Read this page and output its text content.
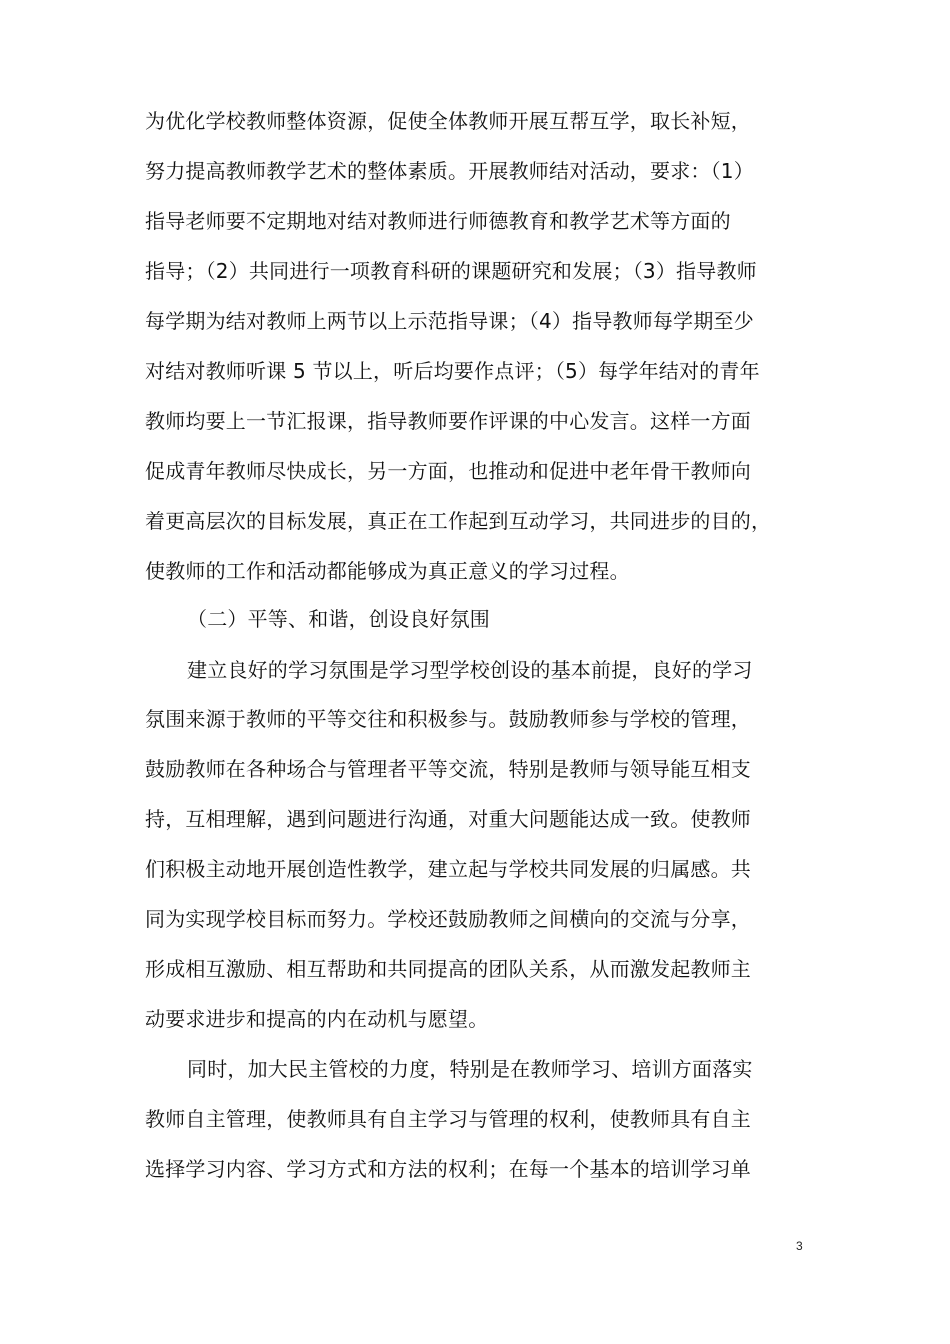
为优化学校教师整体资源，促使全体教师开展互帮互学，取长补短，
努力提高教师教学艺术的整体素质。开展教师结对活动，要求：（1）
指导老师要不定期地对结对教师进行师德教育和教学艺术等方面的
指导；（2）共同进行一项教育科研的课题研究和发展；（3）指导教师
每学期为结对教师上两节以上示范指导课；（4）指导教师每学期至少
对结对教师听课 5 节以上，听后均要作点评；（5）每学年结对的青年
教师均要上一节汇报课，指导教师要作评课的中心发言。这样一方面
促成青年教师尽快成长，另一方面，也推动和促进中老年骨干教师向
着更高层次的目标发展，真正在工作起到互动学习，共同进步的目的，
使教师的工作和活动都能够成为真正意义的学习过程。
（二）平等、和谐，创设良好氛围
建立良好的学习氛围是学习型学校创设的基本前提，良好的学习
氛围来源于教师的平等交往和积极参与。鼓励教师参与学校的管理，
鼓励教师在各种场合与管理者平等交流，特别是教师与领导能互相支
持，互相理解，遇到问题进行沟通，对重大问题能达成一致。使教师
们积极主动地开展创造性教学，建立起与学校共同发展的归属感。共
同为实现学校目标而努力。学校还鼓励教师之间横向的交流与分享，
形成相互激励、相互帮助和共同提高的团队关系，从而激发起教师主
动要求进步和提高的内在动机与愿望。
同时，加大民主管校的力度，特别是在教师学习、培训方面落实
教师自主管理，使教师具有自主学习与管理的权利，使教师具有自主
选择学习内容、学习方式和方法的权利；在每一个基本的培训学习单
3
